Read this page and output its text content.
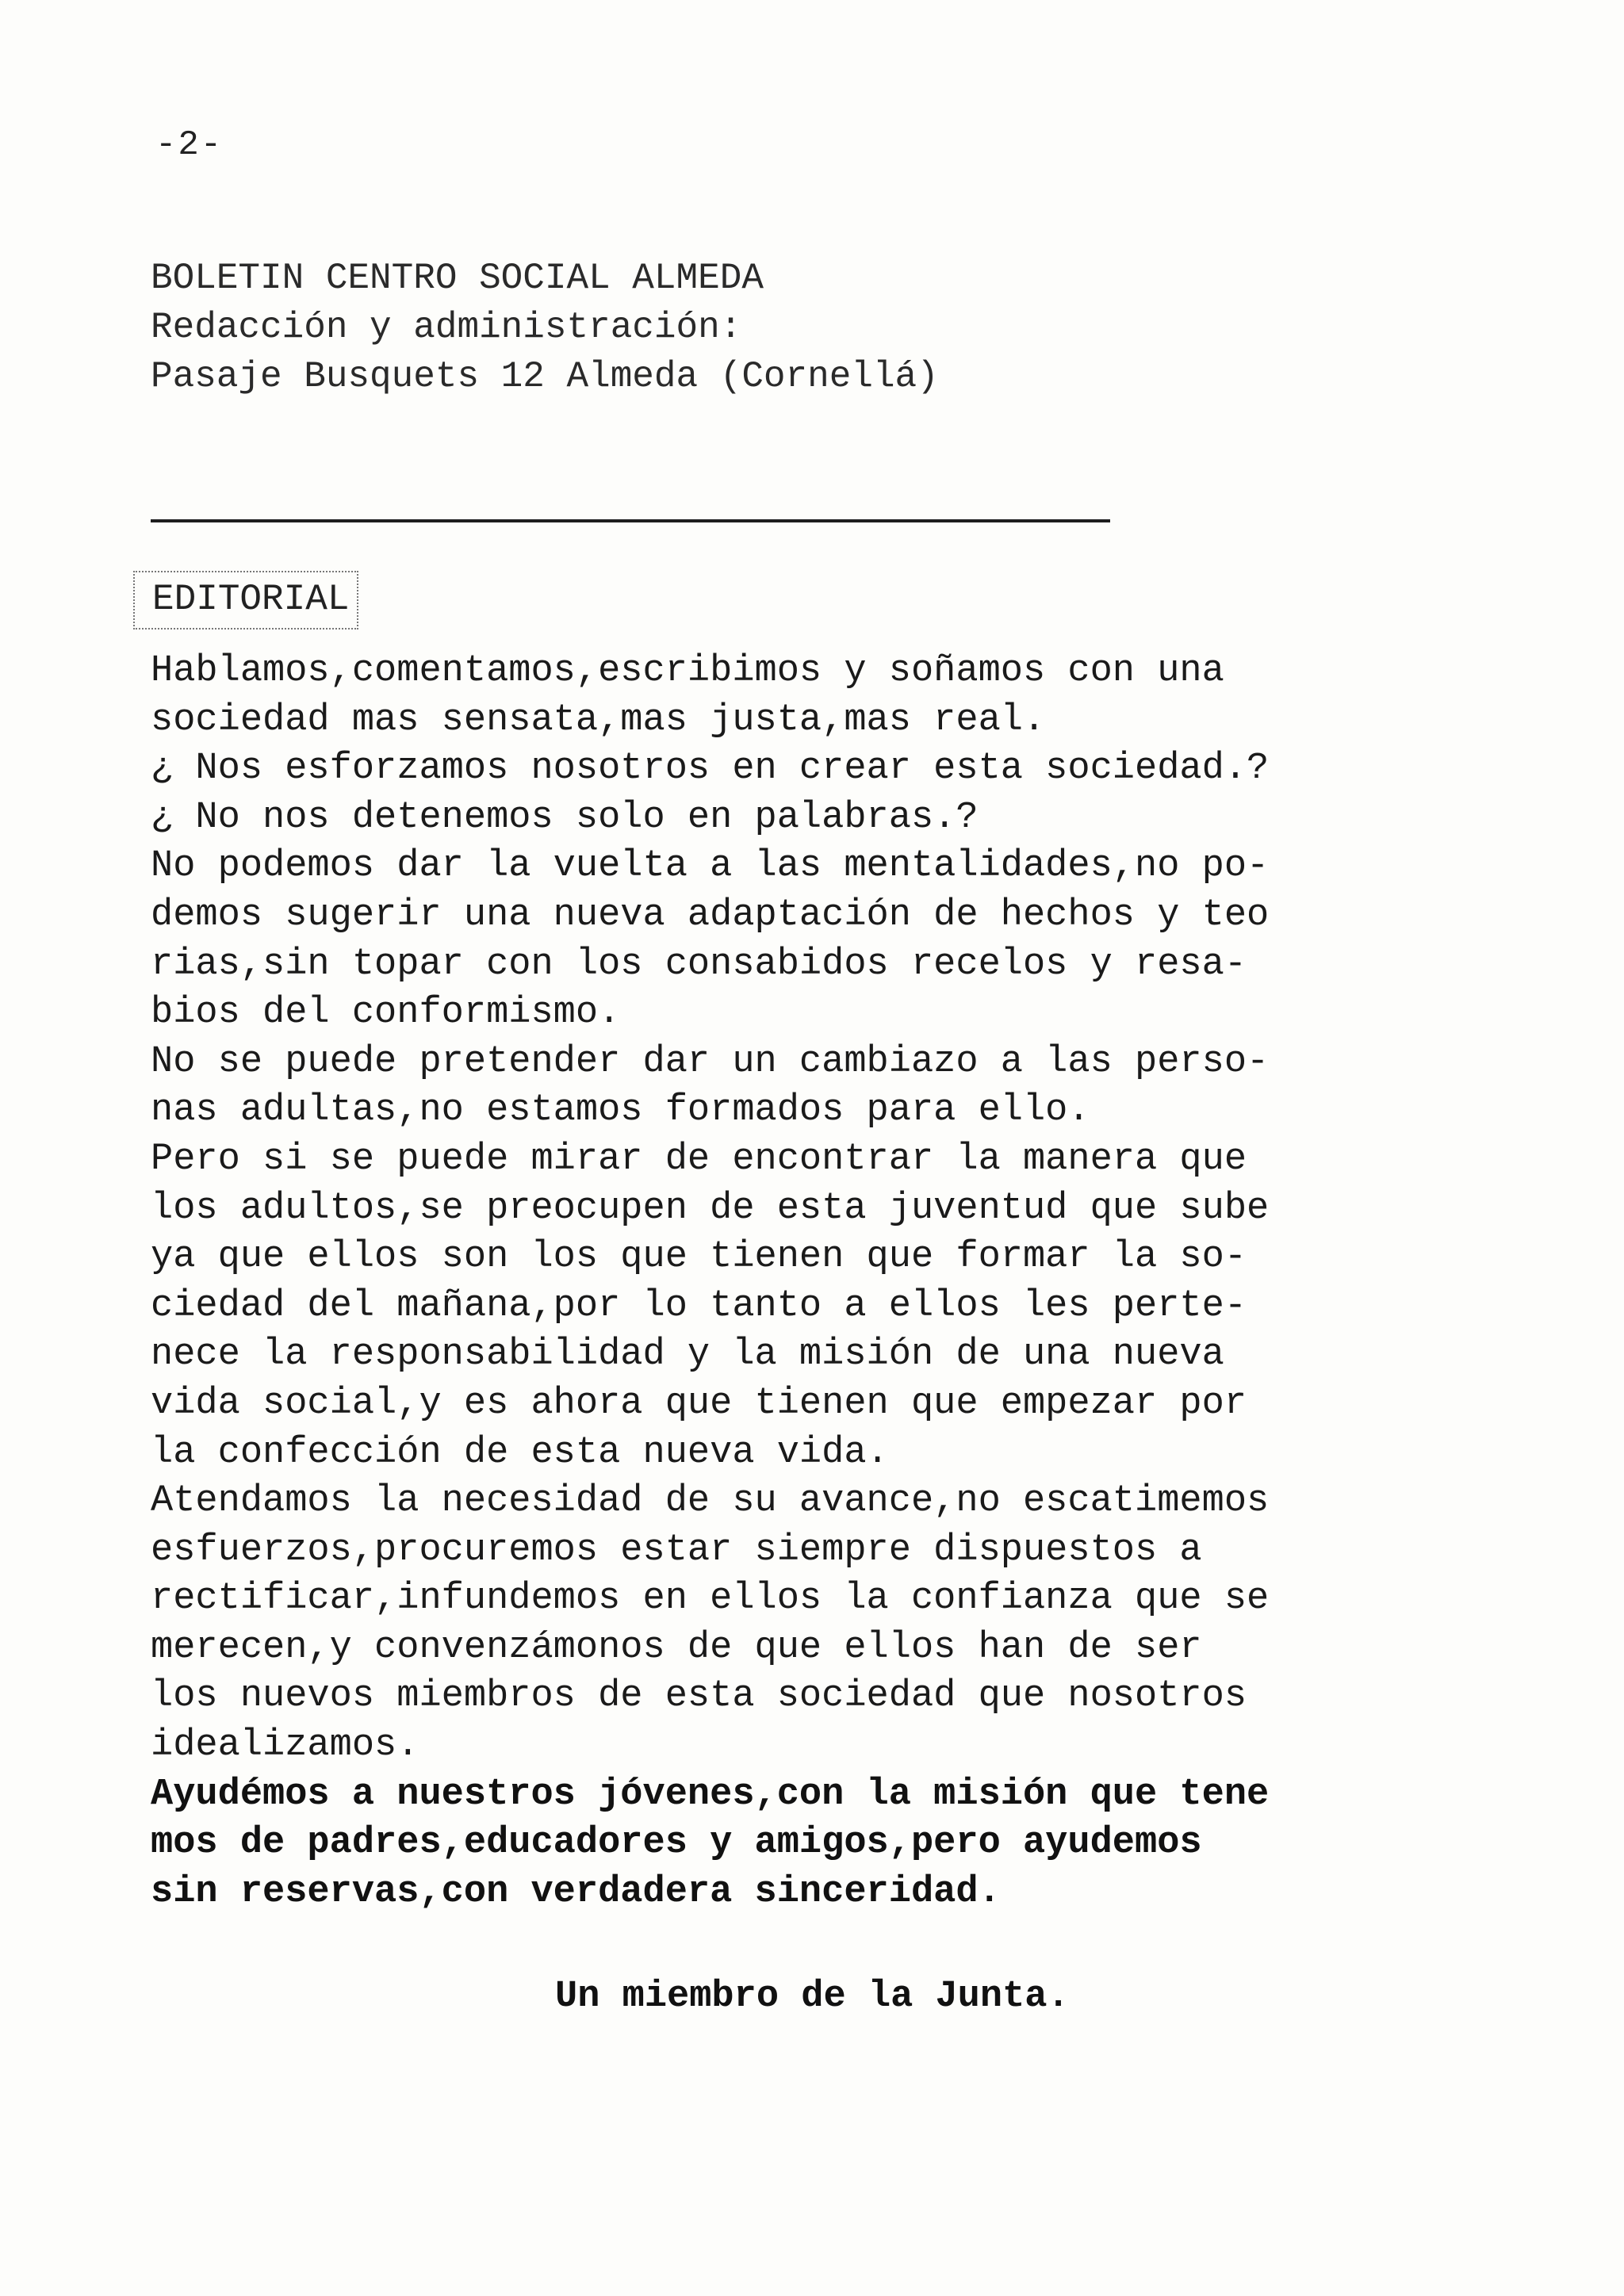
-2-
BOLETIN CENTRO SOCIAL ALMEDA
Redacción y administración:
Pasaje Busquets 12 Almeda (Cornellá)
EDITORIAL
Hablamos,comentamos,escribimos y soñamos con una
sociedad mas sensata,mas justa,mas real.
¿ Nos esforzamos nosotros en crear esta sociedad.?
¿ No nos detenemos solo en palabras.?
No podemos dar la vuelta a las mentalidades,no po-
demos sugerir una nueva adaptación de hechos y teo
rias,sin topar con los consabidos recelos y resa-
bios del conformismo.
No se puede pretender dar un cambiazo a las perso-
nas adultas,no estamos formados para ello.
Pero si se puede mirar de encontrar la manera que
los adultos,se preocupen de esta juventud que sube
ya que ellos son los que tienen que formar la so-
ciedad del mañana,por lo tanto a ellos les perte-
nece la responsabilidad y la misión de una nueva
vida social,y es ahora que tienen que empezar por
la confección de esta nueva vida.
Atendamos la necesidad de su avance,no escatimemos
esfuerzos,procuremos estar siempre dispuestos a
rectificar,infundemos en ellos la confianza que se
merecen,y convenzámonos de que ellos han de ser
los nuevos miembros de esta sociedad que nosotros
idealizamos.
Ayudémos a nuestros jóvenes,con la misión que tene
mos de padres,educadores y amigos,pero ayudemos
sin reservas,con verdadera sinceridad.
Un miembro de la Junta.
